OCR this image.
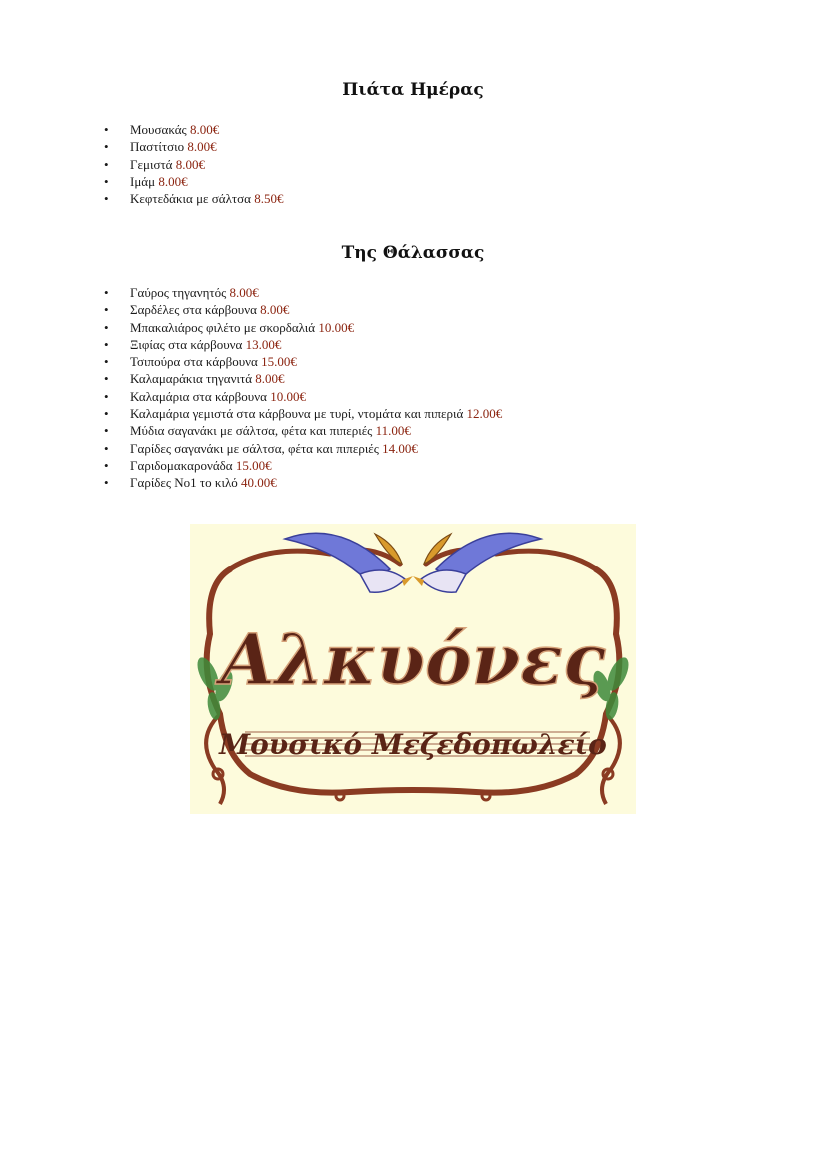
Πιάτα Ημέρας
• Μουσακάς 8.00€
• Παστίτσιο 8.00€
• Γεμιστά 8.00€
• Ιμάμ 8.00€
• Κεφτεδάκια με σάλτσα 8.50€
Της Θάλασσας
• Γαύρος τηγανητός 8.00€
• Σαρδέλες στα κάρβουνα 8.00€
• Μπακαλιάρος φιλέτο με σκορδαλιά 10.00€
• Ξιφίας στα κάρβουνα 13.00€
• Τσιπούρα στα κάρβουνα 15.00€
• Καλαμαράκια τηγανιτά 8.00€
• Καλαμάρια στα κάρβουνα 10.00€
• Καλαμάρια γεμιστά στα κάρβουνα με τυρί, ντομάτα και πιπεριά 12.00€
• Μύδια σαγανάκι με σάλτσα, φέτα και πιπεριές 11.00€
• Γαρίδες σαγανάκι με σάλτσα, φέτα και πιπεριές 14.00€
• Γαριδομακαρονάδα 15.00€
• Γαρίδες Νο1 το κιλό 40.00€
Αλκυόνες
Μουσικό Μεζεδοπωλείο
